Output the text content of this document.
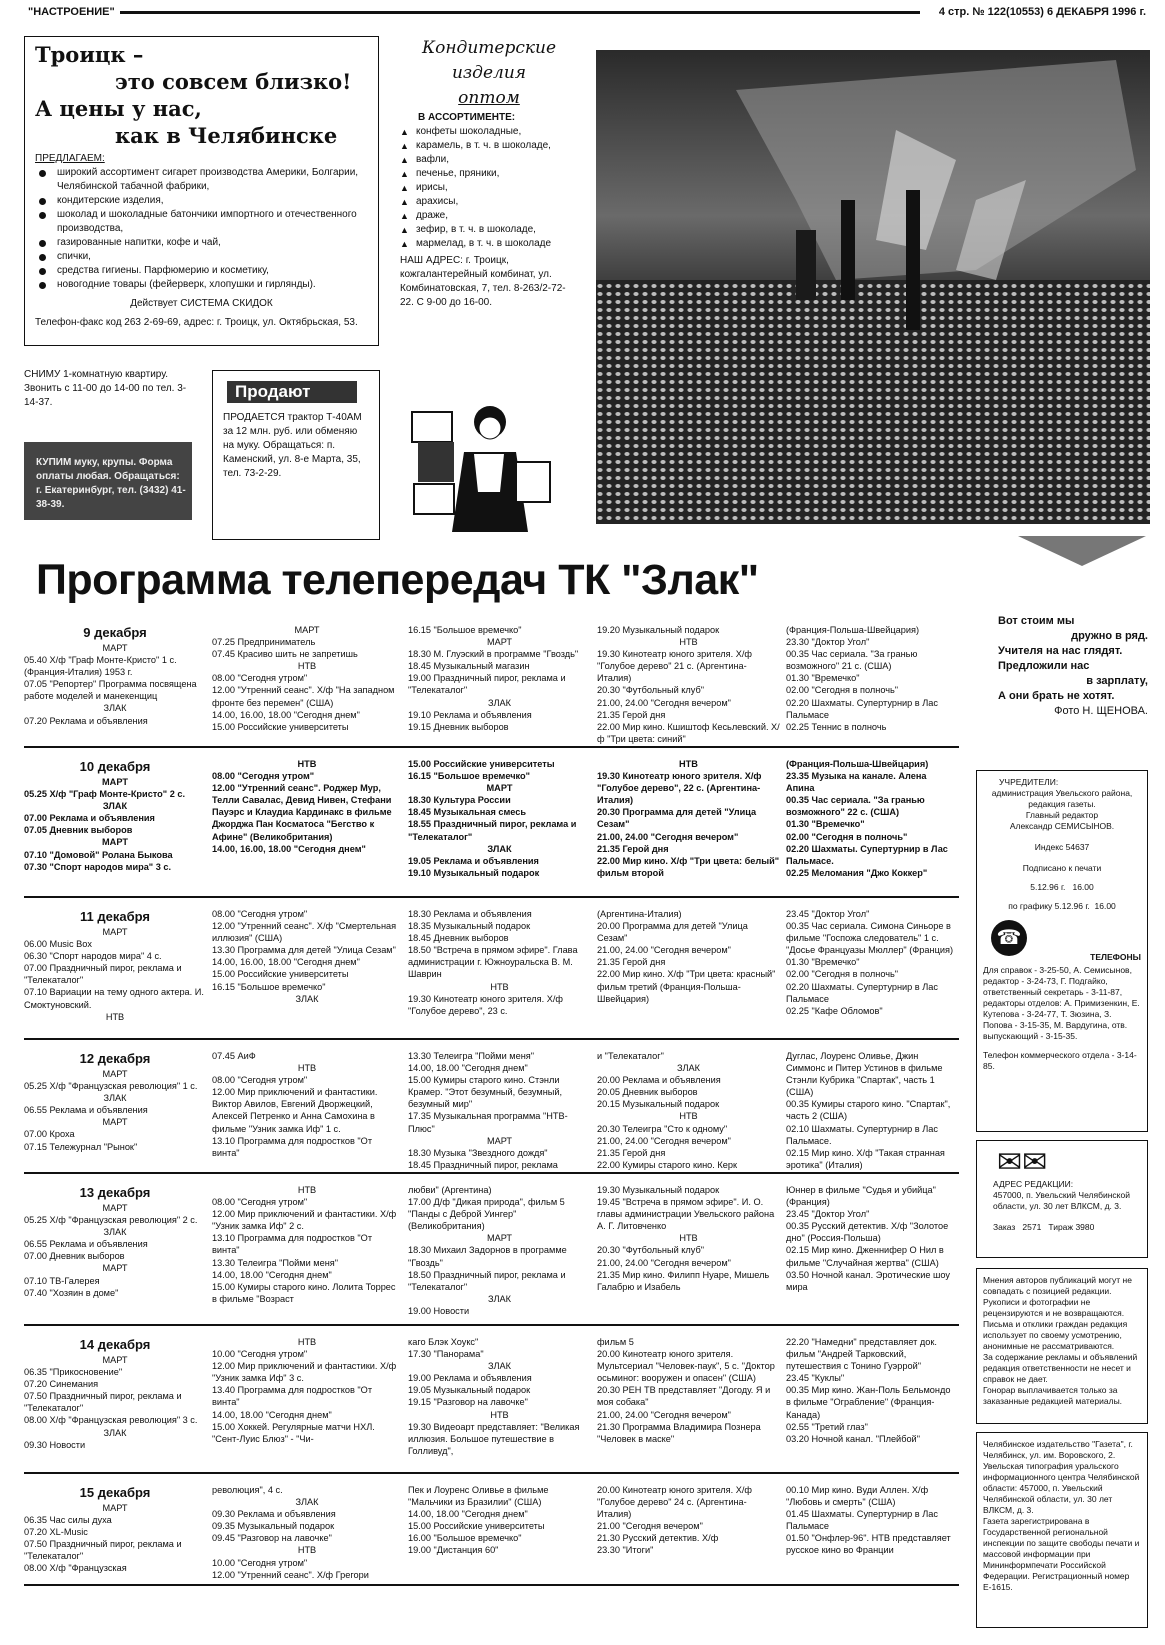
"НАСТРОЕНИЕ"	4 стр. № 122(10553) 6 ДЕКАБРЯ 1996 г.
Троицк –
это совсем близко!
А цены у нас,
как в Челябинске
ПРЕДЛАГАЕМ:
широкий ассортимент сигарет производства Америки, Болгарии, Челябинской табачной фабрики,
кондитерские изделия,
шоколад и шоколадные батончики импортного и отечественного производства,
газированные напитки, кофе и чай,
спички,
средства гигиены. Парфюмерию и косметику,
новогодние товары (фейерверк, хлопушки и гирлянды).
Действует СИСТЕМА СКИДОК
Телефон-факс код 263 2-69-69, адрес: г. Троицк, ул. Октябрьская, 53.
Кондитерские
изделия
оптом
В АССОРТИМЕНТЕ:
▲ конфеты шоколадные,
▲ карамель, в т. ч. в шоколаде,
▲ вафли,
▲ печенье, пряники,
▲ ирисы,
▲ арахисы,
▲ драже,
▲ зефир, в т. ч. в шоколаде,
▲ мармелад, в т. ч. в шоколаде
НАШ АДРЕС: г. Троицк, кожгалантерейный комбинат, ул. Комбинатовская, 7, тел. 8-263/2-72-22. С 9-00 до 16-00.
СНИМУ 1-комнатную квартиру. Звонить с 11-00 до 14-00 по тел. 3-14-37.
КУПИМ муку, крупы. Форма оплаты любая. Обращаться: г. Екатеринбург, тел. (3432) 41-38-39.
Продают
ПРОДАЕТСЯ трактор Т-40АМ за 12 млн. руб. или обменяю на муку. Обращаться: п. Каменский, ул. 8-е Марта, 35, тел. 73-2-29.
Программа телепередач ТК "Злак"
Вот стоим мы
дружно в ряд.
Учителя на нас глядят.
Предложили нас
в зарплату,
А они брать не хотят.
Фото Н. ЩЕНОВА.
9 декабря
МАРТ
05.40 Х/ф "Граф Монте-Кристо" 1 с. (Франция-Италия) 1953 г.
07.05 "Репортер" Программа посвящена работе моделей и манекенщиц
ЗЛАК
07.20 Реклама и объявления
МАРТ
07.25 Предприниматель
07.45 Красиво шить не запретишь
НТВ
08.00 "Сегодня утром"
12.00 "Утренний сеанс". Х/ф "На западном фронте без перемен" (США)
14.00, 16.00, 18.00 "Сегодня днем"
15.00 Российские университеты
16.15 "Большое времечко"
МАРТ
18.30 М. Глуэский в программе "Гвоздь"
18.45 Музыкальный магазин
19.00 Праздничный пирог, реклама и "Телекаталог"
ЗЛАК
19.10 Реклама и объявления
19.15 Дневник выборов
19.20 Музыкальный подарок
НТВ
19.30 Кинотеатр юного зрителя. Х/ф "Голубое дерево" 21 с. (Аргентина-Италия)
20.30 "Футбольный клуб"
21.00, 24.00 "Сегодня вечером"
21.35 Герой дня
22.00 Мир кино. Кшиштоф Кесьлевский. Х/ф "Три цвета: синий"
(Франция-Польша-Швейцария)
23.30 "Доктор Угол"
00.35 Час сериала. "За гранью возможного" 21 с. (США)
01.30 "Времечко"
02.00 "Сегодня в полночь"
02.20 Шахматы. Супертурнир в Лас Пальмасе
02.25 Теннис в полночь
10 декабря
МАРТ
05.25 Х/ф "Граф Монте-Кристо" 2 с.
ЗЛАК
07.00 Реклама и объявления
07.05 Дневник выборов
МАРТ
07.10 "Домовой" Ролана Быкова
07.30 "Спорт народов мира" 3 с.
НТВ
08.00 "Сегодня утром"
12.00 "Утренний сеанс". Роджер Мур, Телли Савалас, Девид Нивен, Стефани Пауэрс и Клаудиа Кардинакс в фильме Джорджа Пан Косматоса "Бегство к Афине" (Великобритания)
14.00, 16.00, 18.00 "Сегодня днем"
15.00 Российские университеты
16.15 "Большое времечко"
МАРТ
18.30 Культура России
18.45 Музыкальная смесь
18.55 Праздничный пирог, реклама и "Телекаталог"
ЗЛАК
19.05 Реклама и объявления
19.10 Музыкальный подарок
НТВ
19.30 Кинотеатр юного зрителя. Х/ф "Голубое дерево", 22 с. (Аргентина-Италия)
20.30 Программа для детей "Улица Сезам"
21.00, 24.00 "Сегодня вечером"
21.35 Герой дня
22.00 Мир кино. Х/ф "Три цвета: белый" фильм второй
(Франция-Польша-Швейцария)
23.35 Музыка на канале. Алена Апина
00.35 Час сериала. "За гранью возможного" 22 с. (США)
01.30 "Времечко"
02.00 "Сегодня в полночь"
02.20 Шахматы. Супертурнир в Лас Пальмасе.
02.25 Меломания "Джо Коккер"
11 декабря
МАРТ
06.00 Music Box
06.30 "Спорт народов мира" 4 с.
07.00 Праздничный пирог, реклама и "Телекаталог"
07.10 Вариации на тему одного актера. И. Смоктуновский.
НТВ
08.00 "Сегодня утром"
12.00 "Утренний сеанс". Х/ф "Смертельная иллюзия" (США)
13.30 Программа для детей "Улица Сезам"
14.00, 16.00, 18.00 "Сегодня днем"
15.00 Российские университеты
16.15 "Большое времечко"
ЗЛАК
18.30 Реклама и объявления
18.35 Музыкальный подарок
18.45 Дневник выборов
18.50 "Встреча в прямом эфире". Глава администрации г. Южноуральска В. М. Шаврин
НТВ
19.30 Кинотеатр юного зрителя. Х/ф "Голубое дерево", 23 с.
(Аргентина-Италия)
20.00 Программа для детей "Улица Сезам"
21.00, 24.00 "Сегодня вечером"
21.35 Герой дня
22.00 Мир кино. Х/ф "Три цвета: красный" фильм третий (Франция-Польша-Швейцария)
23.45 "Доктор Угол"
00.35 Час сериала. Симона Синьоре в фильме "Госпожа следователь" 1 с. "Досье Француазы Мюллер" (Франция)
01.30 "Времечко"
02.00 "Сегодня в полночь"
02.20 Шахматы. Супертурнир в Лас Пальмасе
02.25 "Кафе Обломов"
12 декабря
МАРТ
05.25 Х/ф "Французская революция" 1 с.
ЗЛАК
06.55 Реклама и объявления
МАРТ
07.00 Кроха
07.15 Тележурнал "Рынок"
07.45 АиФ
НТВ
08.00 "Сегодня утром"
12.00 Мир приключений и фантастики. Виктор Авилов, Евгений Дворжецкий, Алексей Петренко и Анна Самохина в фильме "Узник замка Иф" 1 с.
13.10 Программа для подростков "От винта"
13.30 Телеигра "Пойми меня"
14.00, 18.00 "Сегодня днем"
15.00 Кумиры старого кино. Стэнли Крамер. "Этот безумный, безумный, безумный мир"
17.35 Музыкальная программа "НТВ-Плюс"
МАРТ
18.30 Музыка "Звездного дождя"
18.45 Праздничный пирог, реклама
и "Телекаталог"
ЗЛАК
20.00 Реклама и объявления
20.05 Дневник выборов
20.15 Музыкальный подарок
НТВ
20.30 Телеигра "Сто к одному"
21.00, 24.00 "Сегодня вечером"
21.35 Герой дня
22.00 Кумиры старого кино. Керк
Дуглас, Лоуренс Оливье, Джин Симмонс и Питер Устинов в фильме Стэнли Кубрика "Спартак", часть 1 (США)
00.35 Кумиры старого кино. "Спартак", часть 2 (США)
02.10 Шахматы. Супертурнир в Лас Пальмасе.
02.15 Мир кино. Х/ф "Такая странная эротика" (Италия)
13 декабря
МАРТ
05.25 Х/ф "Французская революция" 2 с.
ЗЛАК
06.55 Реклама и объявления
07.00 Дневник выборов
МАРТ
07.10 ТВ-Галерея
07.40 "Хозяин в доме"
НТВ
08.00 "Сегодня утром"
12.00 Мир приключений и фантастики. Х/ф "Узник замка Иф" 2 с.
13.10 Программа для подростков "От винта"
13.30 Телеигра "Пойми меня"
14.00, 18.00 "Сегодня днем"
15.00 Кумиры старого кино. Лолита Торрес в фильме "Возраст
любви" (Аргентина)
17.00 Д/ф "Дикая природа", фильм 5 "Панды с Деброй Уингер" (Великобритания)
МАРТ
18.30 Михаил Задорнов в программе "Гвоздь"
18.50 Праздничный пирог, реклама и "Телекаталог"
ЗЛАК
19.00 Новости
19.30 Музыкальный подарок
19.45 "Встреча в прямом эфире". И. О. главы администрации Увельского района А. Г. Литовченко
НТВ
20.30 "Футбольный клуб"
21.00, 24.00 "Сегодня вечером"
21.35 Мир кино. Филипп Нуаре, Мишель Галабрю и Изабель
Юннер в фильме "Судья и убийца" (Франция)
23.45 "Доктор Угол"
00.35 Русский детектив. Х/ф "Золотое дно" (Россия-Польша)
02.15 Мир кино. Дженнифер О Нил в фильме "Случайная жертва" (США)
03.50 Ночной канал. Эротические шоу мира
14 декабря
МАРТ
06.35 "Прикосновение"
07.20 Синемания
07.50 Праздничный пирог, реклама и "Телекаталог"
08.00 Х/ф "Французская революция" 3 с.
ЗЛАК
09.30 Новости
НТВ
10.00 "Сегодня утром"
12.00 Мир приключений и фантастики. Х/ф "Узник замка Иф" 3 с.
13.40 Программа для подростков "От винта"
14.00, 18.00 "Сегодня днем"
15.00 Хоккей. Регулярные матчи НХЛ. "Сент-Луис Блюз" - "Чи-
каго Блэк Хоукс"
17.30 "Панорама"
ЗЛАК
19.00 Реклама и объявления
19.05 Музыкальный подарок
19.15 "Разговор на лавочке"
НТВ
19.30 Видеоарт представляет: "Великая иллюзия. Большое путешествие в Голливуд",
фильм 5
20.00 Кинотеатр юного зрителя. Мультсериал "Человек-паук", 5 с. "Доктор осьминог: вооружен и опасен" (США)
20.30 РЕН ТВ представляет "Догоду. Я и моя собака"
21.00, 24.00 "Сегодня вечером"
21.30 Программа Владимира Познера "Человек в маске"
22.20 "Намедни" представляет док. фильм "Андрей Тарковский, путешествия с Тонино Гуэррой"
23.45 "Куклы"
00.35 Мир кино. Жан-Поль Бельмондо в фильме "Ограбление" (Франция-Канада)
02.55 "Третий глаз"
03.20 Ночной канал. "Плейбой"
15 декабря
МАРТ
06.35 Час силы духа
07.20 XL-Music
07.50 Праздничный пирог, реклама и "Телекаталог"
08.00 Х/ф "Французская
революция", 4 с.
ЗЛАК
09.30 Реклама и объявления
09.35 Музыкальный подарок
09.45 "Разговор на лавочке"
НТВ
10.00 "Сегодня утром"
12.00 "Утренний сеанс". Х/ф Грегори
Пек и Лоуренс Оливье в фильме "Мальчики из Бразилии" (США)
14.00, 18.00 "Сегодня днем"
15.00 Российские университеты
16.00 "Большое времечко"
19.00 "Дистанция 60"
20.00 Кинотеатр юного зрителя. Х/ф "Голубое дерево" 24 с. (Аргентина-Италия)
21.00 "Сегодня вечером"
21.30 Русский детектив. Х/ф
23.30 "Итоги"
00.10 Мир кино. Вуди Аллен. Х/ф "Любовь и смерть" (США)
01.45 Шахматы. Супертурнир в Лас Пальмасе
01.50 "Онфлер-96". НТВ представляет русское кино во Франции
УЧРЕДИТЕЛИ:
администрация Увельского района, редакция газеты.
Главный редактор
Александр СЕМИСЫНОВ.
Индекс 54637
Подписано к печати
5.12.96 г.   16.00
по графику 5.12.96 г.  16.00
☎
ТЕЛЕФОНЫ
Для справок - 3-25-50, А. Семисынов, редактор - 3-24-73, Г. Подгайко, ответственный секретарь - 3-11-87, редакторы отделов: А. Примизенкин, Е. Кутепова - 3-24-77, Т. Зюзина, З. Попова - 3-15-35, М. Вардугина, отв. выпускающий - 3-15-35.
Телефон коммерческого отдела - 3-14-85.
✉✉
АДРЕС РЕДАКЦИИ:
457000, п. Увельский Челябинской области, ул. 30 лет ВЛКСМ, д. 3.
Заказ   2571   Тираж 3980
Мнения авторов публикаций могут не совпадать с позицией редакции. Рукописи и фотографии не рецензируются и не возвращаются.
Письма и отклики граждан редакция использует по своему усмотрению, анонимные не рассматриваются.
За содержание рекламы и объявлений редакция ответственности не несет и справок не дает.
Гонорар выплачивается только за заказанные редакцией материалы.
Челябинское издательство "Газета", г. Челябинск, ул. им. Воровского, 2.
Увельская типография уральского информационного центра Челябинской области: 457000, п. Увельский Челябинской области, ул. 30 лет ВЛКСМ, д. 3.
Газета зарегистрирована в Государственной региональной инспекции по защите свободы печати и массовой информации при Мининформпечати Российской Федерации. Регистрационный номер Е-1615.
